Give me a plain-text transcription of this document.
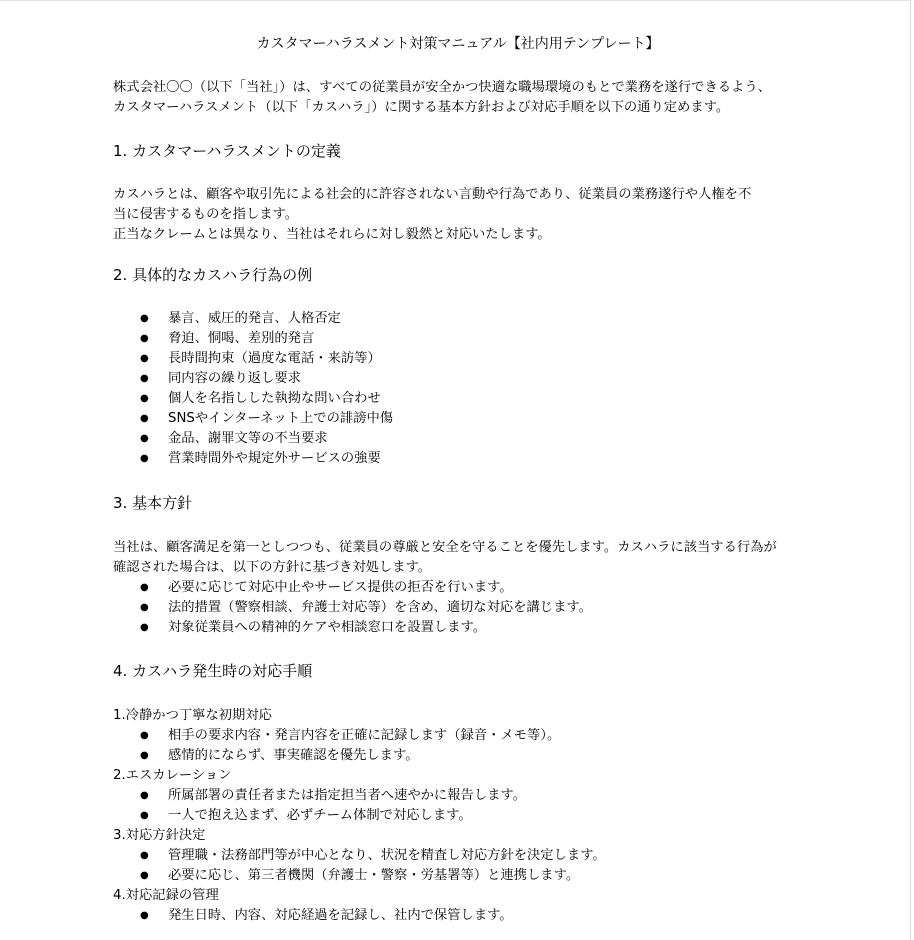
カスタマーハラスメント対策マニュアル【社内用テンプレート】
株式会社〇〇（以下「当社」）は、すべての従業員が安全かつ快適な職場環境のもとで業務を遂行できるよう、
カスタマーハラスメント（以下「カスハラ」）に関する基本方針および対応手順を以下の通り定めます。
1. カスタマーハラスメントの定義
カスハラとは、顧客や取引先による社会的に許容されない言動や行為であり、従業員の業務遂行や人権を不
当に侵害するものを指します。
正当なクレームとは異なり、当社はそれらに対し毅然と対応いたします。
2. 具体的なカスハラ行為の例
● 暴言、威圧的発言、人格否定
● 脅迫、恫喝、差別的発言
● 長時間拘束（過度な電話・来訪等）
● 同内容の繰り返し要求
● 個人を名指しした執拗な問い合わせ
● SNSやインターネット上での誹謗中傷
● 金品、謝罪文等の不当要求
● 営業時間外や規定外サービスの強要
3. 基本方針
当社は、顧客満足を第一としつつも、従業員の尊厳と安全を守ることを優先します。カスハラに該当する行為が
確認された場合は、以下の方針に基づき対処します。
● 必要に応じて対応中止やサービス提供の拒否を行います。
● 法的措置（警察相談、弁護士対応等）を含め、適切な対応を講じます。
● 対象従業員への精神的ケアや相談窓口を設置します。
4. カスハラ発生時の対応手順
1.冷静かつ丁寧な初期対応
● 相手の要求内容・発言内容を正確に記録します（録音・メモ等）。
● 感情的にならず、事実確認を優先します。
2.エスカレーション
● 所属部署の責任者または指定担当者へ速やかに報告します。
● 一人で抱え込まず、必ずチーム体制で対応します。
3.対応方針決定
● 管理職・法務部門等が中心となり、状況を精査し対応方針を決定します。
● 必要に応じ、第三者機関（弁護士・警察・労基署等）と連携します。
4.対応記録の管理
● 発生日時、内容、対応経過を記録し、社内で保管します。
